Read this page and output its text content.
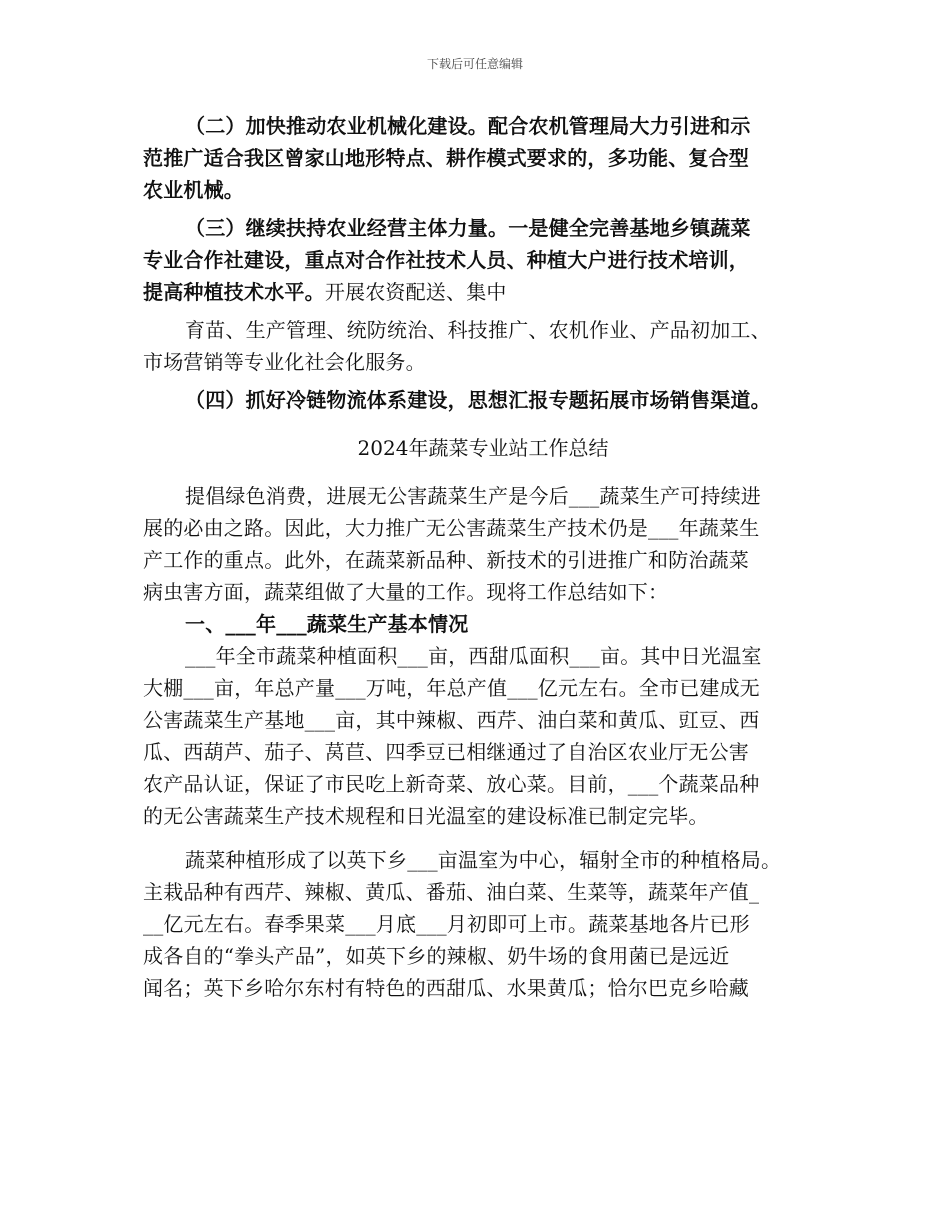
下载后可任意编辑
（二）加快推动农业机械化建设。配合农机管理局大力引进和示
范推广适合我区曾家山地形特点、耕作模式要求的，多功能、复合型
农业机械。
（三）继续扶持农业经营主体力量。一是健全完善基地乡镇蔬菜
专业合作社建设，重点对合作社技术人员、种植大户进行技术培训，
提高种植技术水平。开展农资配送、集中
育苗、生产管理、统防统治、科技推广、农机作业、产品初加工、
市场营销等专业化社会化服务。
（四）抓好冷链物流体系建设，思想汇报专题拓展市场销售渠道。
2024年蔬菜专业站工作总结
提倡绿色消费，进展无公害蔬菜生产是今后___蔬菜生产可持续进
展的必由之路。因此，大力推广无公害蔬菜生产技术仍是___年蔬菜生
产工作的重点。此外，在蔬菜新品种、新技术的引进推广和防治蔬菜
病虫害方面，蔬菜组做了大量的工作。现将工作总结如下：
一、___年___蔬菜生产基本情况
___年全市蔬菜种植面积___亩，西甜瓜面积___亩。其中日光温室
大棚___亩，年总产量___万吨，年总产值___亿元左右。全市已建成无
公害蔬菜生产基地___亩，其中辣椒、西芹、油白菜和黄瓜、豇豆、西
瓜、西葫芦、茄子、莴苣、四季豆已相继通过了自治区农业厅无公害
农产品认证，保证了市民吃上新奇菜、放心菜。目前，___个蔬菜品种
的无公害蔬菜生产技术规程和日光温室的建设标准已制定完毕。
蔬菜种植形成了以英下乡___亩温室为中心，辐射全市的种植格局。
主栽品种有西芹、辣椒、黄瓜、番茄、油白菜、生菜等，蔬菜年产值_
__亿元左右。春季果菜___月底___月初即可上市。蔬菜基地各片已形
成各自的“拳头产品”，如英下乡的辣椒、奶牛场的食用菌已是远近
闻名；英下乡哈尔东村有特色的西甜瓜、水果黄瓜；恰尔巴克乡哈藏
